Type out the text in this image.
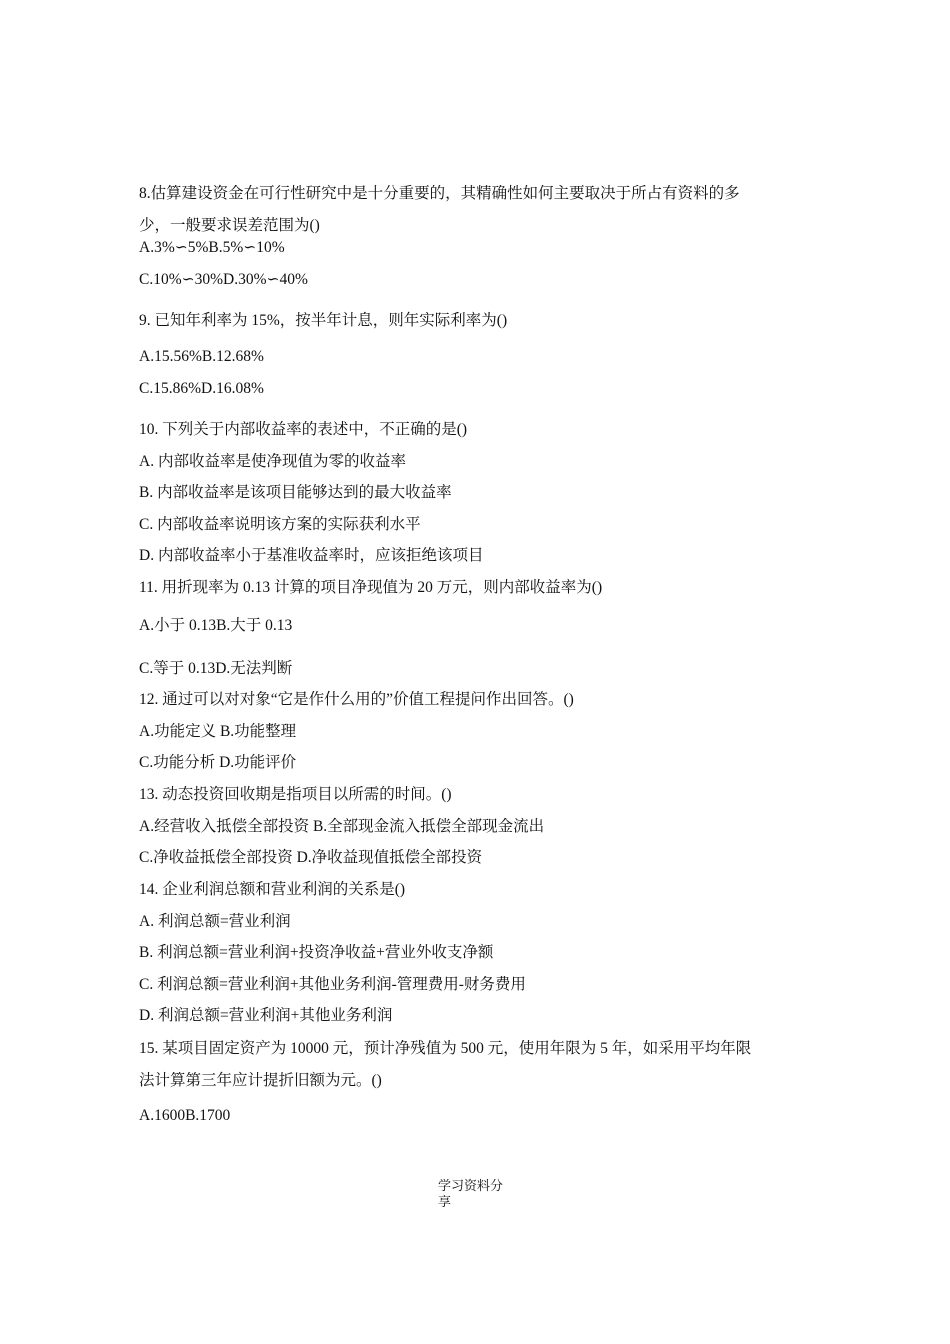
8.估算建设资金在可行性研究中是十分重要的，其精确性如何主要取决于所占有资料的多
少，一般要求误差范围为()
A.3%∽5%B.5%∽10%
C.10%∽30%D.30%∽40%
9. 已知年利率为 15%，按半年计息，则年实际利率为()
A.15.56%B.12.68%
C.15.86%D.16.08%
10. 下列关于内部收益率的表述中，不正确的是()
A. 内部收益率是使净现值为零的收益率
B. 内部收益率是该项目能够达到的最大收益率
C. 内部收益率说明该方案的实际获利水平
D. 内部收益率小于基准收益率时，应该拒绝该项目
11. 用折现率为 0.13 计算的项目净现值为 20 万元，则内部收益率为()
A.小于 0.13B.大于 0.13
C.等于 0.13D.无法判断
12. 通过可以对对象“它是作什么用的”价值工程提问作出回答。()
A.功能定义 B.功能整理
C.功能分析 D.功能评价
13. 动态投资回收期是指项目以所需的时间。()
A.经营收入抵偿全部投资 B.全部现金流入抵偿全部现金流出
C.净收益抵偿全部投资 D.净收益现值抵偿全部投资
14. 企业利润总额和营业利润的关系是()
A. 利润总额=营业利润
B. 利润总额=营业利润+投资净收益+营业外收支净额
C. 利润总额=营业利润+其他业务利润-管理费用-财务费用
D. 利润总额=营业利润+其他业务利润
15. 某项目固定资产为 10000 元，预计净残值为 500 元，使用年限为 5 年，如采用平均年限
法计算第三年应计提折旧额为元。()
A.1600B.1700
学习资料分
享
